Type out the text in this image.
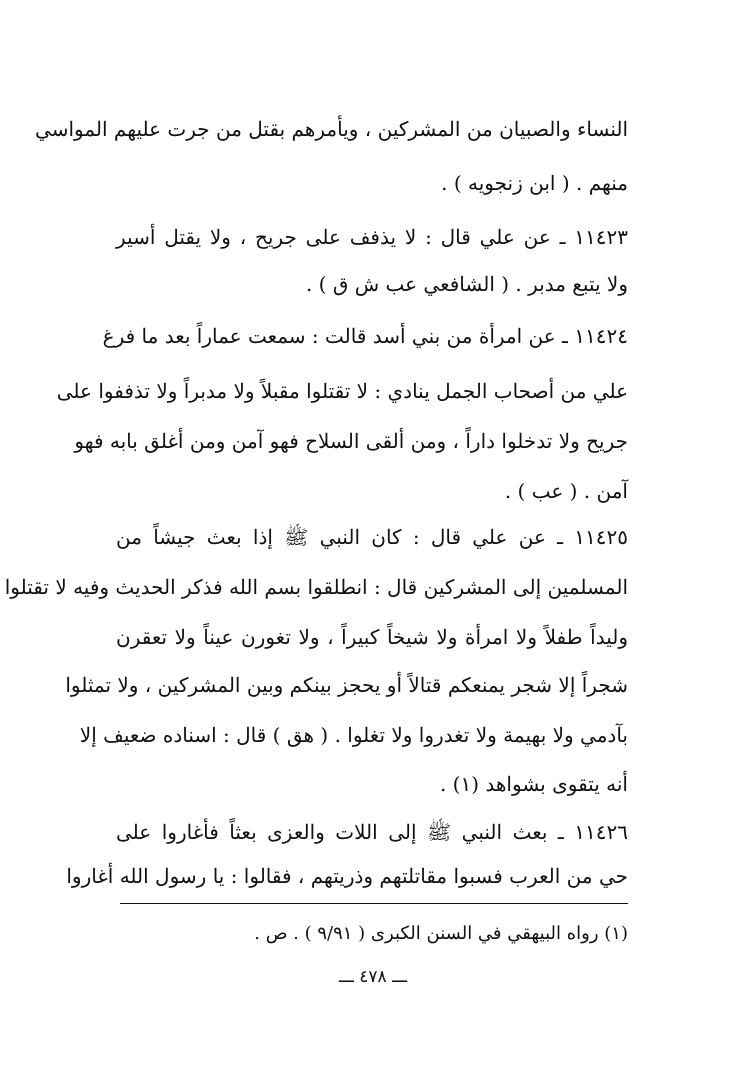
النساء والصبيان من المشركين ، ويأمرهم بقتل من جرت عليهم المواسي
منهم . ( ابن زنجويه ) .
١١٤٢٣ ـ عن علي قال : لا يذفف على جريح ، ولا يقتل أسير
ولا يتبع مدبر . ( الشافعي عب ش ق ) .
١١٤٢٤ ـ عن امرأة من بني أسد قالت : سمعت عماراً بعد ما فرغ
علي من أصحاب الجمل ينادي : لا تقتلوا مقبلاً ولا مدبراً ولا تذففوا على
جريح ولا تدخلوا داراً ، ومن ألقى السلاح فهو آمن ومن أغلق بابه فهو
آمن . ( عب ) .
١١٤٢٥ ـ عن علي قال : كان النبي ﷺ إذا بعث جيشاً من
المسلمين إلى المشركين قال : انطلقوا بسم الله فذكر الحديث وفيه لا تقتلوا
وليداً طفلاً ولا امرأة ولا شيخاً كبيراً ، ولا تغورن عيناً ولا تعقرن
شجراً إلا شجر يمنعكم قتالاً أو يحجز بينكم وبين المشركين ، ولا تمثلوا
بآدمي ولا بهيمة ولا تغدروا ولا تغلوا . ( هق ) قال : اسناده ضعيف إلا
أنه يتقوى بشواهد (١) .
١١٤٢٦ ـ بعث النبي ﷺ إلى اللات والعزى بعثاً فأغاروا على
حي من العرب فسبوا مقاتلتهم وذريتهم ، فقالوا : يا رسول الله أغاروا
(١) رواه البيهقي في السنن الكبرى ( ٩/٩١ ) . ص .
ـــ ٤٧٨ ـــ
